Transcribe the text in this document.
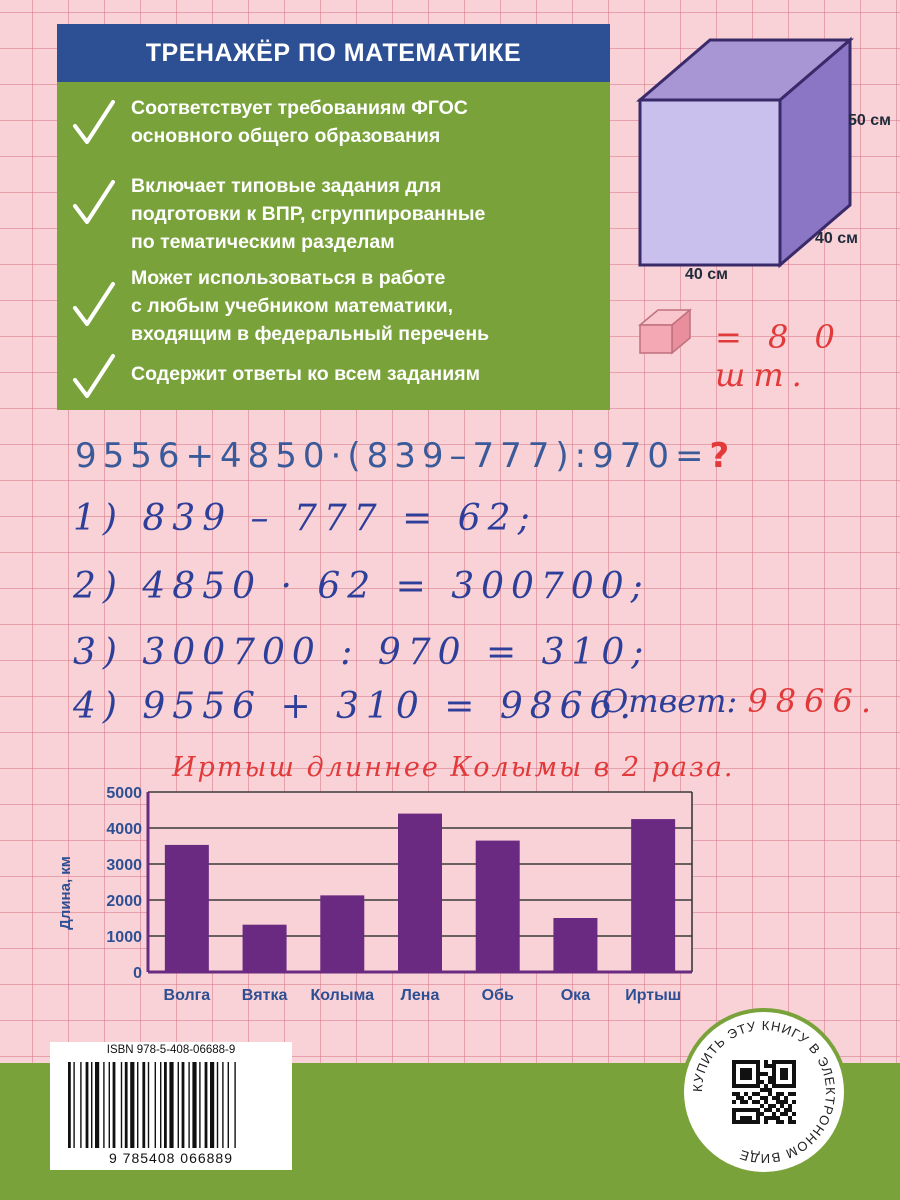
ТРЕНАЖЁР ПО МАТЕМАТИКЕ
Соответствует требованиям ФГОС
основного общего образования
Включает типовые задания для
подготовки к ВПР, сгруппированные
по тематическим разделам
Может использоваться в работе
с любым учебником математики,
входящим в федеральный перечень
Содержит ответы ко всем заданиям
50 см
40 см
40 см
= 8 0 шт.
9556+4850·(839–777):970=?
1) 839 – 777 = 62;
2) 4850 · 62 = 300700;
3) 300700 : 970 = 310;
4) 9556 + 310 = 9866.
Ответ: 9866.
Иртыш длиннее Колымы в 2 раза.
0
1000
2000
3000
4000
5000
Волга Вятка Колыма Лена	Обь	Ока Иртыш
Длина, км
ISBN 978-5-408-06688-9
9 785408 066889
КУПИТЬ ЭТУ КНИГУ В ЭЛЕКТРОННОМ ВИДЕ
